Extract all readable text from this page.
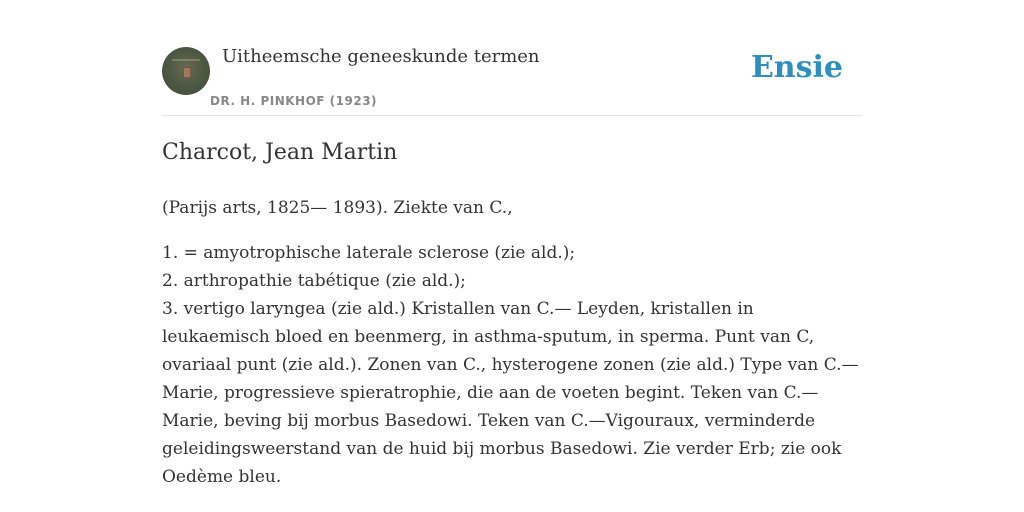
Uitheemsche geneeskunde termen
DR. H. PINKHOF (1923)
Ensie
Charcot, Jean Martin
(Parijs arts, 1825— 1893). Ziekte van C.,
1. = amyotrophische laterale sclerose (zie ald.);
2. arthropathie tabétique (zie ald.);
3. vertigo laryngea (zie ald.) Kristallen van C.— Leyden, kristallen in leukaemisch bloed en beenmerg, in asthma-sputum, in sperma. Punt van C, ovariaal punt (zie ald.). Zonen van C., hysterogene zonen (zie ald.) Type van C.—Marie, progressieve spieratrophie, die aan de voeten begint. Teken van C.—Marie, beving bij morbus Basedowi. Teken van C.—Vigouraux, verminderde geleidingsweerstand van de huid bij morbus Basedowi. Zie verder Erb; zie ook Oedème bleu.
